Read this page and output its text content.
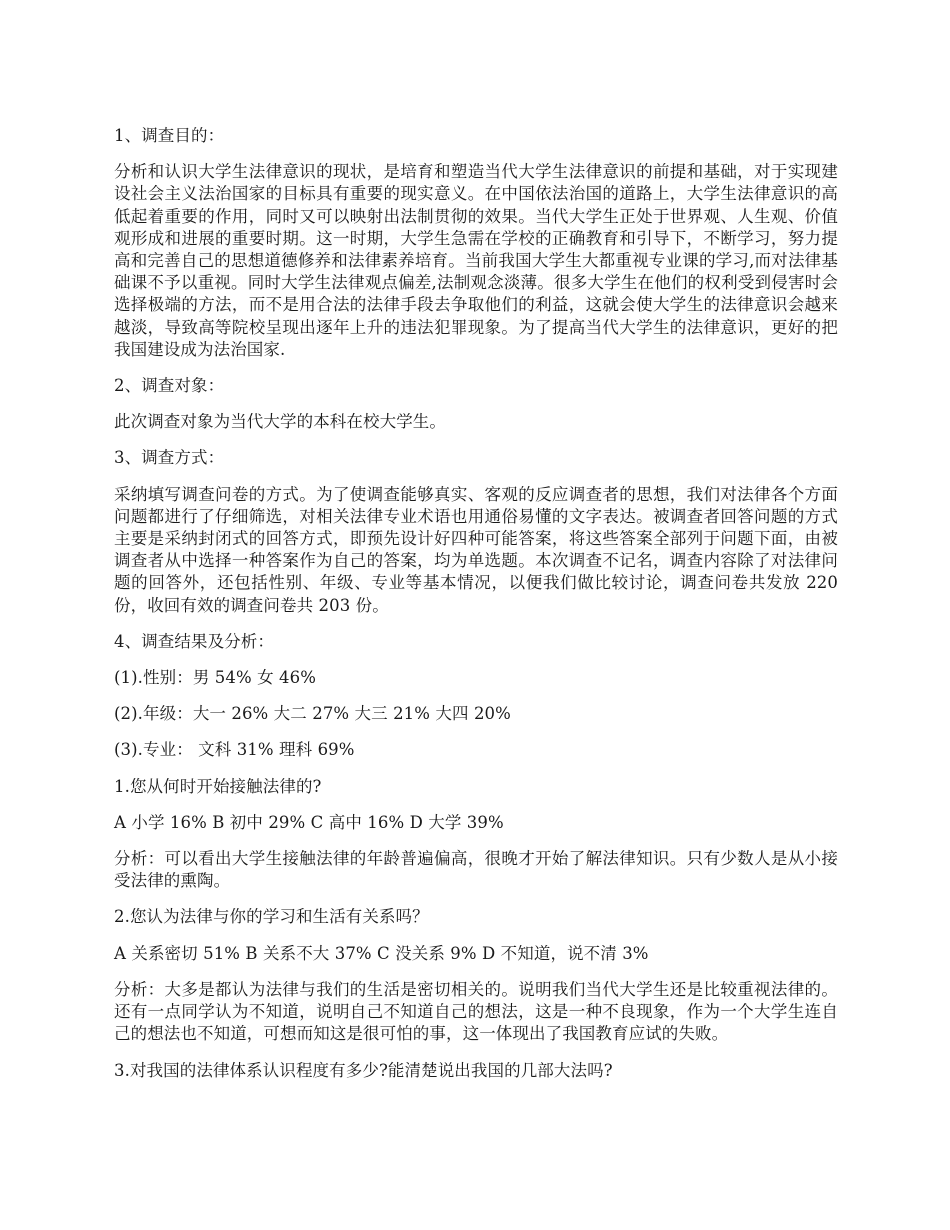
1、调查目的：

分析和认识大学生法律意识的现状，是培育和塑造当代大学生法律意识的前提和基础，对于实现建设社会主义法治国家的目标具有重要的现实意义。在中国依法治国的道路上，大学生法律意识的高低起着重要的作用，同时又可以映射出法制贯彻的效果。当代大学生正处于世界观、人生观、价值观形成和进展的重要时期。这一时期，大学生急需在学校的正确教育和引导下，不断学习，努力提高和完善自己的思想道德修养和法律素养培育。当前我国大学生大都重视专业课的学习,而对法律基础课不予以重视。同时大学生法律观点偏差,法制观念淡薄。很多大学生在他们的权利受到侵害时会选择极端的方法，而不是用合法的法律手段去争取他们的利益，这就会使大学生的法律意识会越来越淡，导致高等院校呈现出逐年上升的违法犯罪现象。为了提高当代大学生的法律意识，更好的把我国建设成为法治国家.

2、调查对象：

此次调查对象为当代大学的本科在校大学生。

3、调查方式：

采纳填写调查问卷的方式。为了使调查能够真实、客观的反应调查者的思想，我们对法律各个方面问题都进行了仔细筛选，对相关法律专业术语也用通俗易懂的文字表达。被调查者回答问题的方式主要是采纳封闭式的回答方式，即预先设计好四种可能答案，将这些答案全部列于问题下面，由被调查者从中选择一种答案作为自己的答案，均为单选题。本次调查不记名，调查内容除了对法律问题的回答外，还包括性别、年级、专业等基本情况，以便我们做比较讨论，调查问卷共发放 220 份，收回有效的调查问卷共 203 份。

4、调查结果及分析：

(1).性别：男 54% 女 46%

(2).年级：大一 26% 大二 27% 大三 21% 大四 20%

(3).专业： 文科 31% 理科 69%

1.您从何时开始接触法律的?

A 小学 16% B 初中 29% C 高中 16% D 大学 39%

分析：可以看出大学生接触法律的年龄普遍偏高，很晚才开始了解法律知识。只有少数人是从小接受法律的熏陶。

2.您认为法律与你的学习和生活有关系吗？

A 关系密切 51% B 关系不大 37% C 没关系 9% D 不知道，说不清 3%

分析：大多是都认为法律与我们的生活是密切相关的。说明我们当代大学生还是比较重视法律的。还有一点同学认为不知道，说明自己不知道自己的想法，这是一种不良现象，作为一个大学生连自己的想法也不知道，可想而知这是很可怕的事，这一体现出了我国教育应试的失败。

3.对我国的法律体系认识程度有多少?能清楚说出我国的几部大法吗?
